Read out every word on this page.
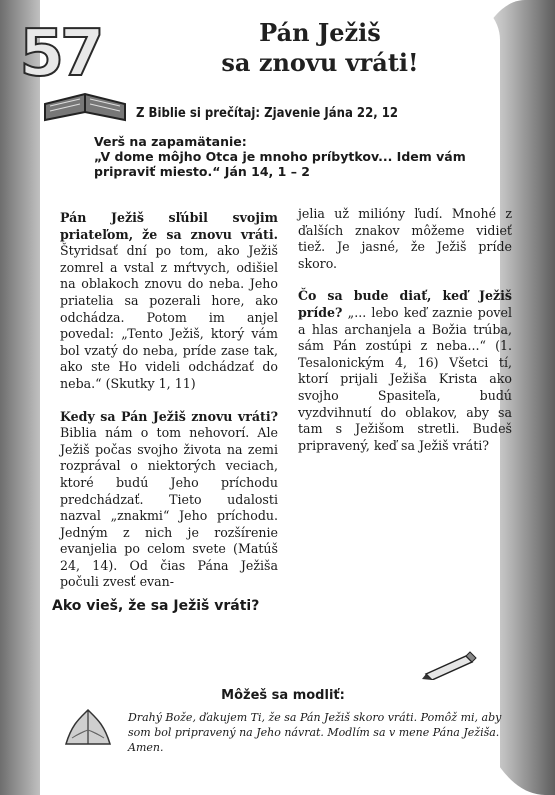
57	Pán Ježiš
sa znovu vráti!
Z Biblie si prečítaj: Zjavenie Jána 22, 12
Verš na zapamätanie:
„V dome môjho Otca je mnoho príbytkov... Idem vám pripraviť miesto.“ Ján 14, 1 – 2

Pán Ježiš sľúbil svojim priateľom, že sa znovu vráti. Štyridsať dní po tom, ako Ježiš zomrel a vstal z mŕtvych, odišiel na oblakoch znovu do neba. Jeho priatelia sa pozerali hore, ako odchádza. Potom im anjel povedal: „Tento Ježiš, ktorý vám bol vzatý do neba, príde zase tak, ako ste Ho videli odchádzať do neba.“ (Skutky 1, 11)

Kedy sa Pán Ježiš znovu vráti? Biblia nám o tom nehovorí. Ale Ježiš počas svojho života na zemi rozprával o niektorých veciach, ktoré budú Jeho príchodu predchádzať. Tieto udalosti nazval „znakmi“ Jeho príchodu. Jedným z nich je rozšírenie evanjelia po celom svete (Matúš 24, 14). Od čias Pána Ježiša počuli zvesť evan-

jelia už milióny ľudí. Mnohé z ďalších znakov môžeme vidieť tiež. Je jasné, že Ježiš príde skoro.

Čo sa bude diať, keď Ježiš príde? „... lebo keď zaznie povel a hlas archanjela a Božia trúba, sám Pán zostúpi z neba...“ (1. Tesalonickým 4, 16) Všetci tí, ktorí prijali Ježiša Krista ako svojho Spasiteľa, budú vyzdvihnutí do oblakov, aby sa tam s Ježišom stretli. Budeš pripravený, keď sa Ježiš vráti?

Ako vieš, že sa Ježiš vráti?
Môžeš sa modliť:
Drahý Bože, ďakujem Ti, že sa Pán Ježiš skoro vráti. Pomôž mi, aby som bol pripravený na Jeho návrat. Modlím sa v mene Pána Ježiša. Amen.
